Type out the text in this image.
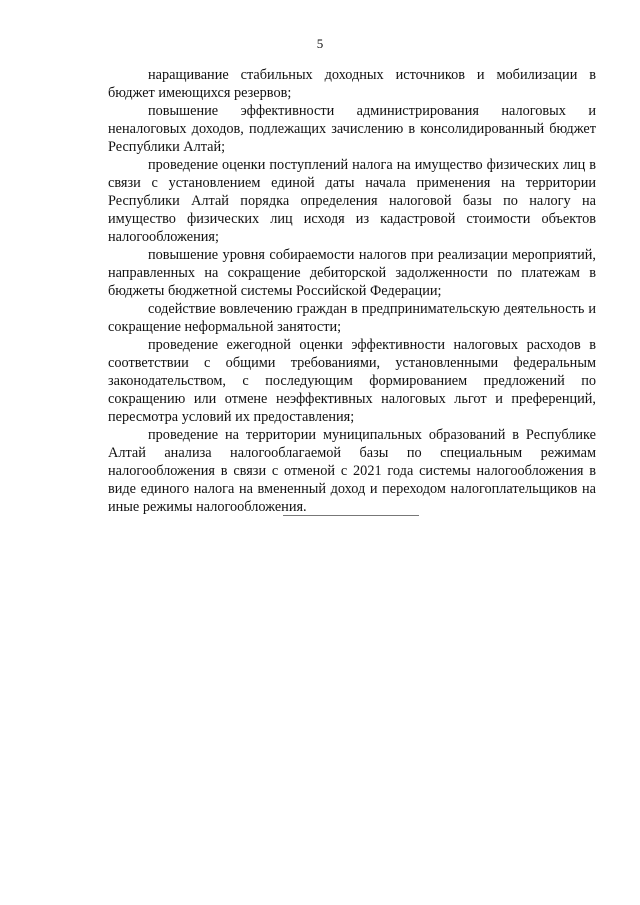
5

наращивание стабильных доходных источников и мобилизации в бюджет имеющихся резервов;

повышение эффективности администрирования налоговых и неналоговых доходов, подлежащих зачислению в консолидированный бюджет Республики Алтай;

проведение оценки поступлений налога на имущество физических лиц в связи с установлением единой даты начала применения на территории Республики Алтай порядка определения налоговой базы по налогу на имущество физических лиц исходя из кадастровой стоимости объектов налогообложения;

повышение уровня собираемости налогов при реализации мероприятий, направленных на сокращение дебиторской задолженности по платежам в бюджеты бюджетной системы Российской Федерации;

содействие вовлечению граждан в предпринимательскую деятельность и сокращение неформальной занятости;

проведение ежегодной оценки эффективности налоговых расходов в соответствии с общими требованиями, установленными федеральным законодательством, с последующим формированием предложений по сокращению или отмене неэффективных налоговых льгот и преференций, пересмотра условий их предоставления;

проведение на территории муниципальных образований в Республике Алтай анализа налогооблагаемой базы по специальным режимам налогообложения в связи с отменой с 2021 года системы налогообложения в виде единого налога на вмененный доход и переходом налогоплательщиков на иные режимы налогообложения.
